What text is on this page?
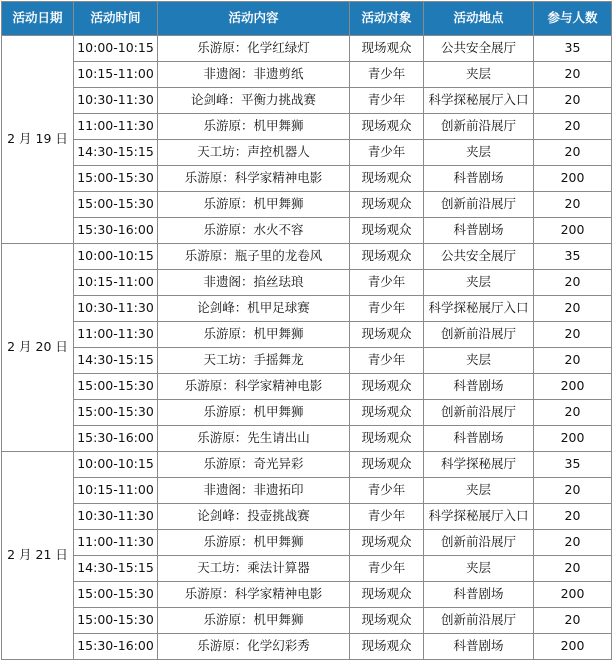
活动日期	活动时间	活动内容	活动对象	活动地点	参与人数
2 月 19 日	10:00-10:15	乐游原：化学红绿灯	现场观众	公共安全展厅	35
	10:15-11:00	非遗阁：非遗剪纸	青少年	夹层	20
	10:30-11:30	论剑峰：平衡力挑战赛	青少年	科学探秘展厅入口	20
	11:00-11:30	乐游原：机甲舞狮	现场观众	创新前沿展厅	20
	14:30-15:15	天工坊：声控机器人	青少年	夹层	20
	15:00-15:30	乐游原：科学家精神电影	现场观众	科普剧场	200
	15:00-15:30	乐游原：机甲舞狮	现场观众	创新前沿展厅	20
	15:30-16:00	乐游原：水火不容	现场观众	科普剧场	200
2 月 20 日	10:00-10:15	乐游原：瓶子里的龙卷风	现场观众	公共安全展厅	35
	10:15-11:00	非遗阁：掐丝珐琅	青少年	夹层	20
	10:30-11:30	论剑峰：机甲足球赛	青少年	科学探秘展厅入口	20
	11:00-11:30	乐游原：机甲舞狮	现场观众	创新前沿展厅	20
	14:30-15:15	天工坊：手摇舞龙	青少年	夹层	20
	15:00-15:30	乐游原：科学家精神电影	现场观众	科普剧场	200
	15:00-15:30	乐游原：机甲舞狮	现场观众	创新前沿展厅	20
	15:30-16:00	乐游原：先生请出山	现场观众	科普剧场	200
2 月 21 日	10:00-10:15	乐游原：奇光异彩	现场观众	科学探秘展厅	35
	10:15-11:00	非遗阁：非遗拓印	青少年	夹层	20
	10:30-11:30	论剑峰：投壶挑战赛	青少年	科学探秘展厅入口	20
	11:00-11:30	乐游原：机甲舞狮	现场观众	创新前沿展厅	20
	14:30-15:15	天工坊：乘法计算器	青少年	夹层	20
	15:00-15:30	乐游原：科学家精神电影	现场观众	科普剧场	200
	15:00-15:30	乐游原：机甲舞狮	现场观众	创新前沿展厅	20
	15:30-16:00	乐游原：化学幻彩秀	现场观众	科普剧场	200
